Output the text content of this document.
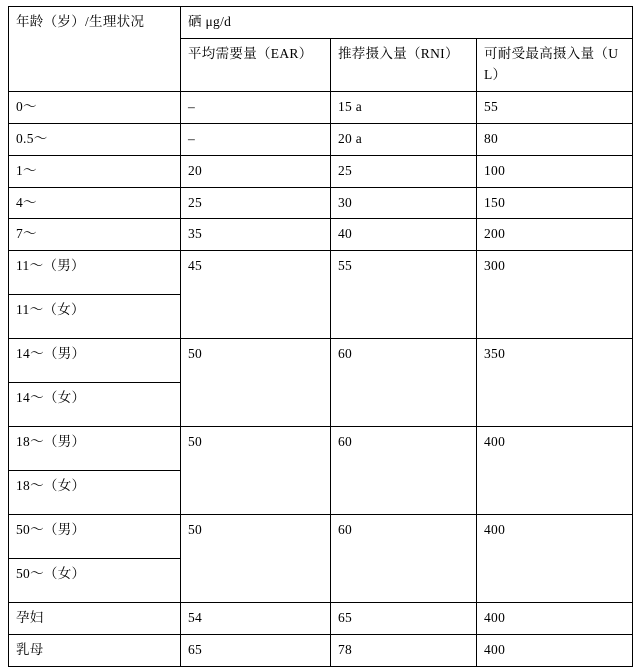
年龄（岁）/生理状况	硒 μg/d		
	平均需要量（EAR）	推荐摄入量（RNI）	可耐受最高摄入量（UL）
0～	–	15 a	55
0.5～	–	20 a	80
1～	20	25	100
4～	25	30	150
7～	35	40	200
11～（男）	45	55	300
11～（女）			
14～（男）	50	60	350
14～（女）			
18～（男）	50	60	400
18～（女）			
50～（男）	50	60	400
50～（女）			
孕妇	54	65	400
乳母	65	78	400
